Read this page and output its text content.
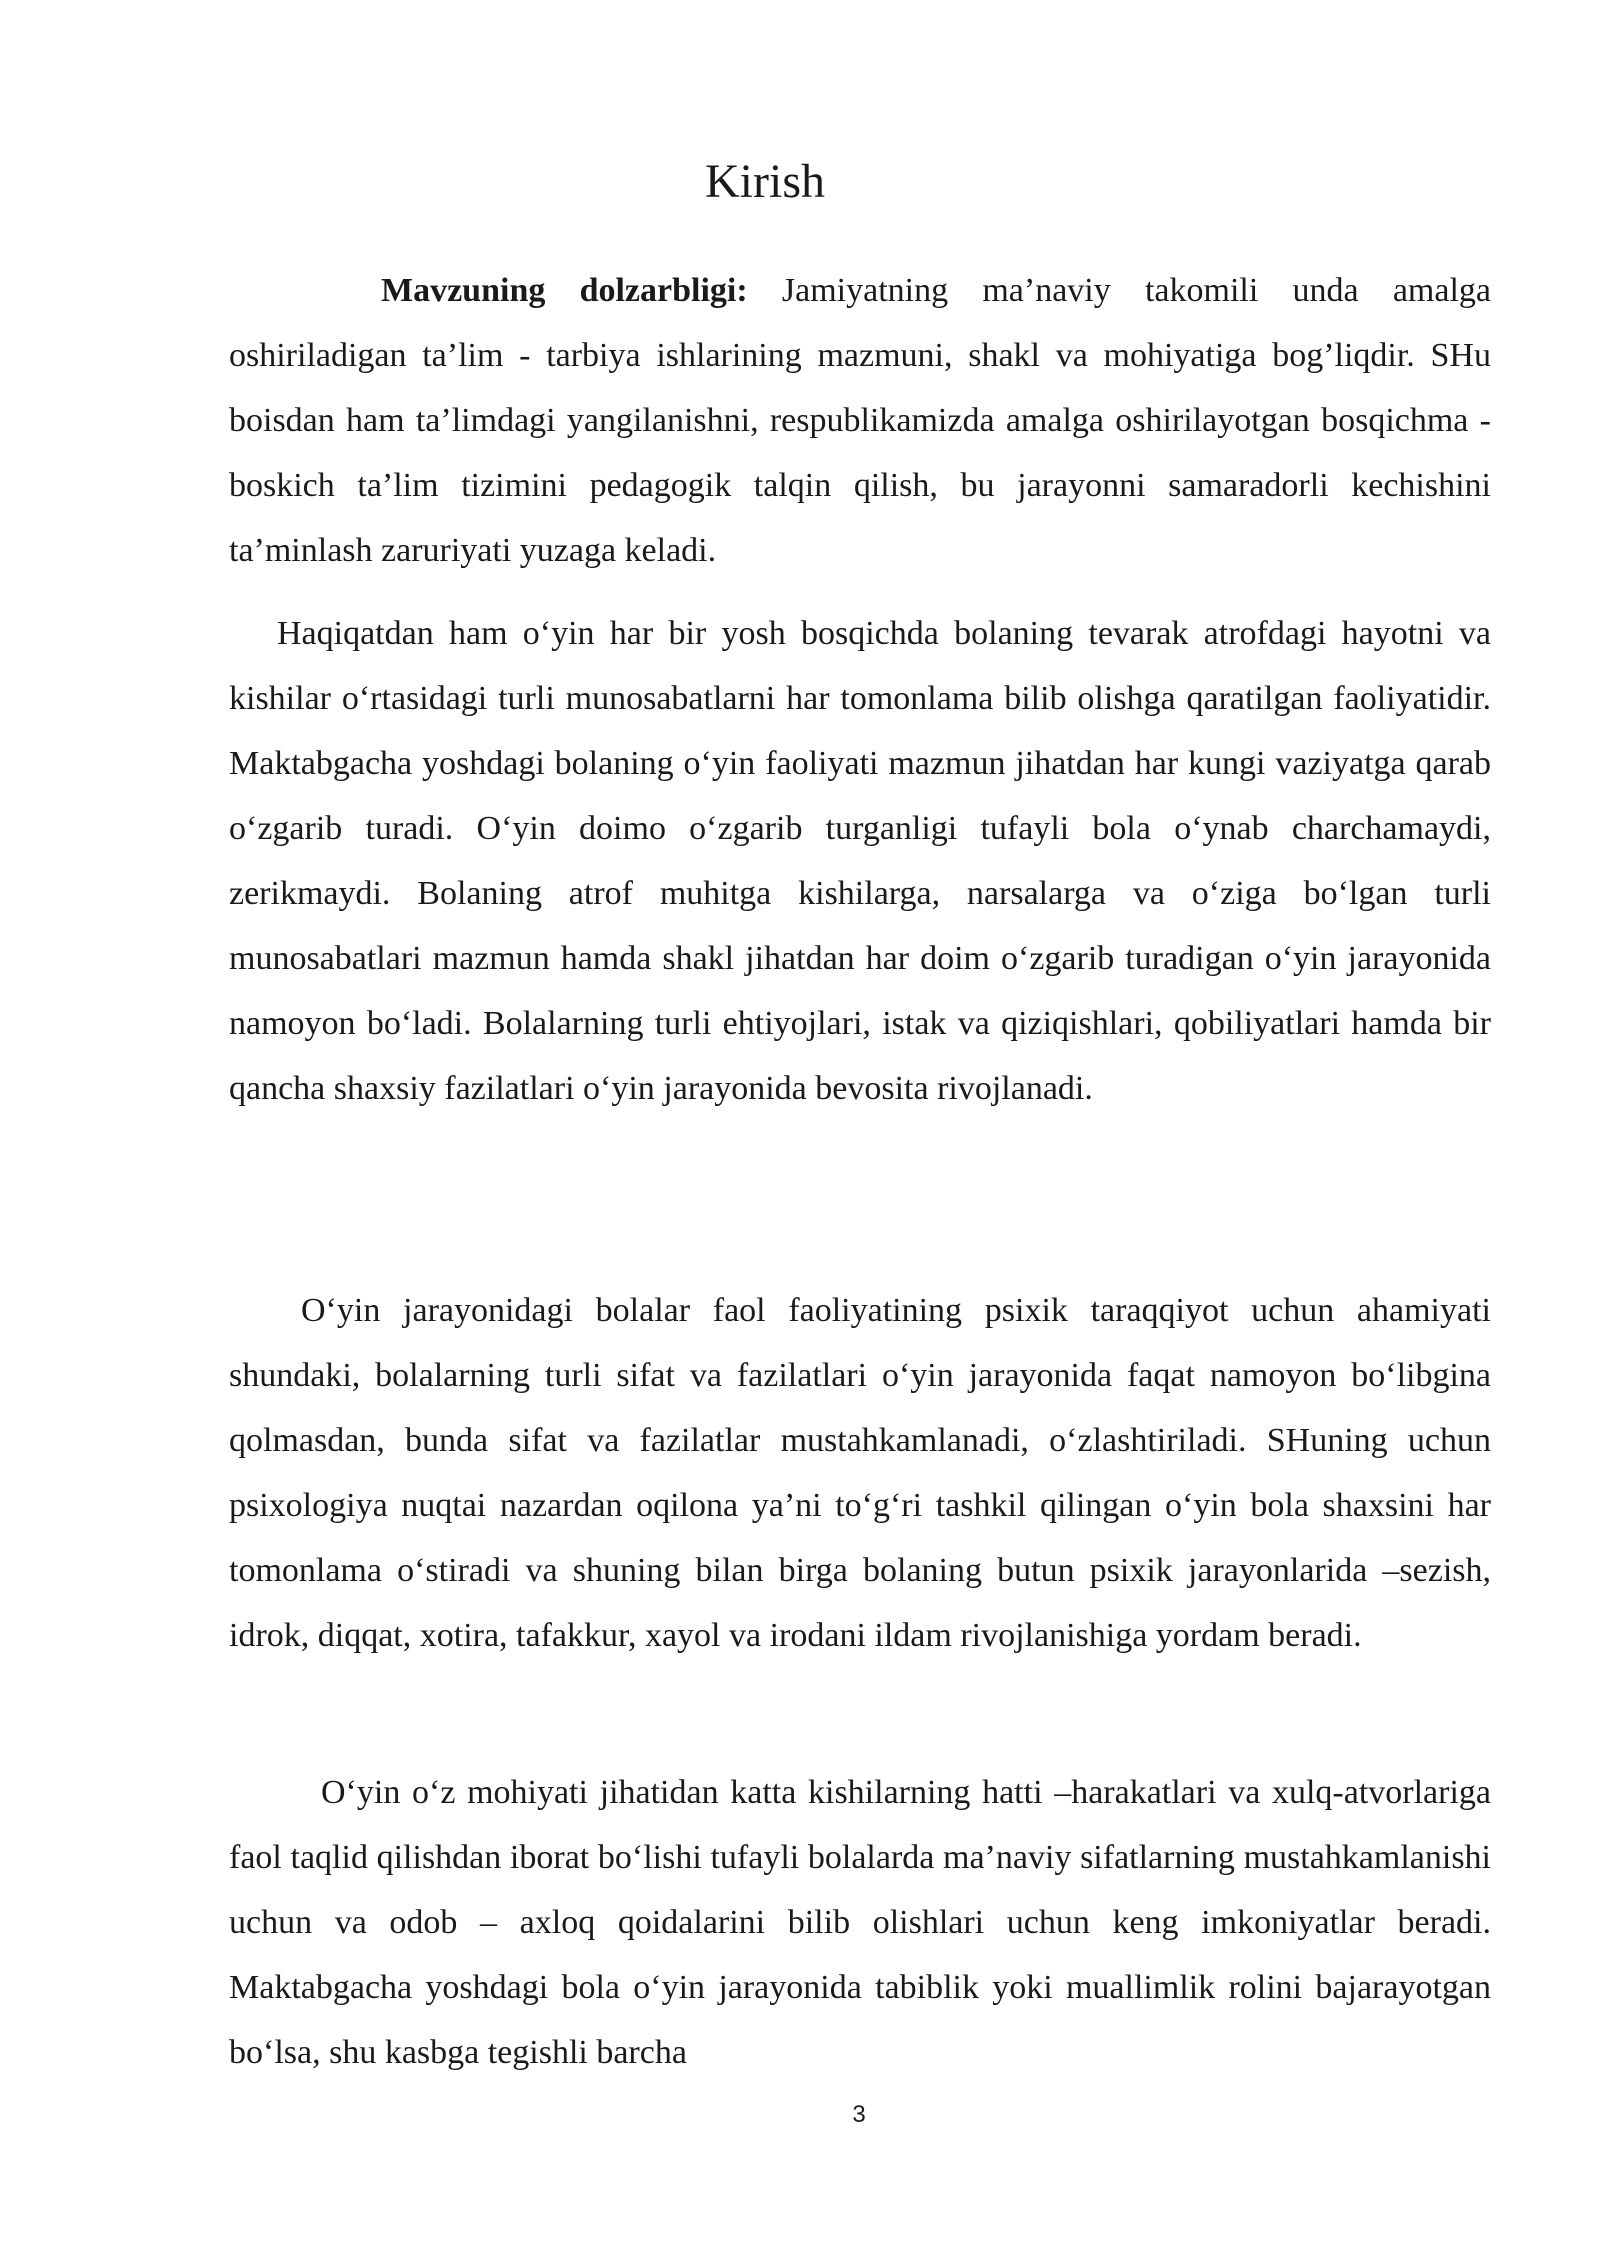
Kirish

Mavzuning dolzarbligi: Jamiyatning ma’naviy takomili unda amalga oshiriladigan ta’lim - tarbiya ishlarining mazmuni, shakl va mohiyatiga bog’liqdir. SHu boisdan ham ta’limdagi yangilanishni, respublikamizda amalga oshirilayotgan bosqichma - boskich ta’lim tizimini pedagogik talqin qilish, bu jarayonni samaradorli kechishini ta’minlash zaruriyati yuzaga keladi.

Haqiqatdan ham o‘yin har bir yosh bosqichda bolaning tevarak atrofdagi hayotni va kishilar o‘rtasidagi turli munosabatlarni har tomonlama bilib olishga qaratilgan faoliyatidir. Maktabgacha yoshdagi bolaning o‘yin faoliyati mazmun jihatdan har kungi vaziyatga qarab o‘zgarib turadi. O‘yin doimo o‘zgarib turganligi tufayli bola o‘ynab charchamaydi, zerikmaydi. Bolaning atrof muhitga kishilarga, narsalarga va o‘ziga bo‘lgan turli munosabatlari mazmun hamda shakl jihatdan har doim o‘zgarib turadigan o‘yin jarayonida namoyon bo‘ladi. Bolalarning turli ehtiyojlari, istak va qiziqishlari, qobiliyatlari hamda bir qancha shaxsiy fazilatlari o‘yin jarayonida bevosita rivojlanadi.

O‘yin jarayonidagi bolalar faol faoliyatining psixik taraqqiyot uchun ahamiyati shundaki, bolalarning turli sifat va fazilatlari o‘yin jarayonida faqat namoyon bo‘libgina qolmasdan, bunda sifat va fazilatlar mustahkamlanadi, o‘zlashtiriladi. SHuning uchun psixologiya nuqtai nazardan oqilona ya’ni to‘g‘ri tashkil qilingan o‘yin bola shaxsini har tomonlama o‘stiradi va shuning bilan birga bolaning butun psixik jarayonlarida –sezish, idrok, diqqat, xotira, tafakkur, xayol va irodani ildam rivojlanishiga yordam beradi.

O‘yin o‘z mohiyati jihatidan katta kishilarning hatti –harakatlari va xulq-atvorlariga faol taqlid qilishdan iborat bo‘lishi tufayli bolalarda ma’naviy sifatlarning mustahkamlanishi uchun va odob – axloq qoidalarini bilib olishlari uchun keng imkoniyatlar beradi. Maktabgacha yoshdagi bola o‘yin jarayonida tabiblik yoki muallimlik rolini bajarayotgan bo‘lsa, shu kasbga tegishli barcha

3
